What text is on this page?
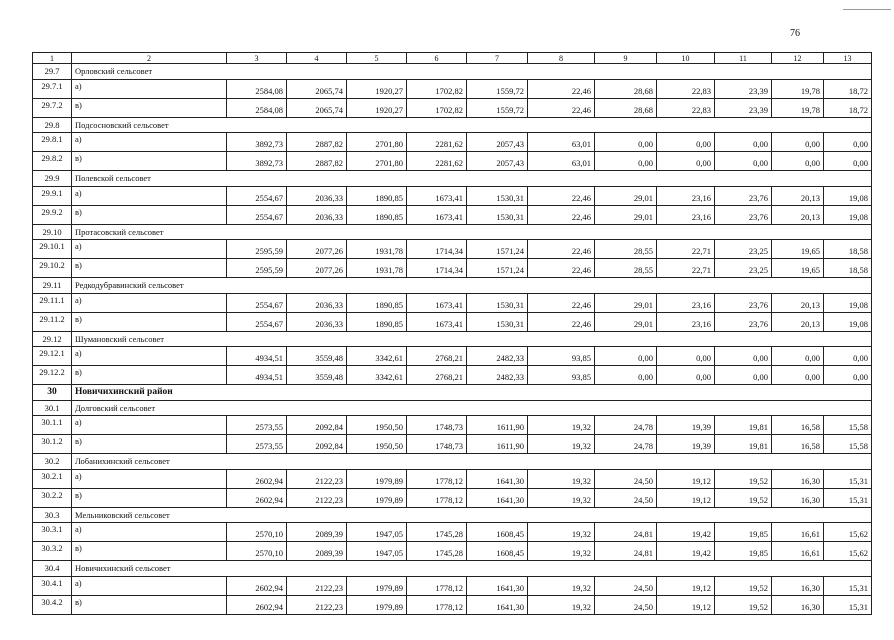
76
1	2	3	4	5	6	7	8	9	10	11	12	13
29.7	Орловский сельсовет											
29.7.1	а)	2584,08	2065,74	1920,27	1702,82	1559,72	22,46	28,68	22,83	23,39	19,78	18,72
29.7.2	в)	2584,08	2065,74	1920,27	1702,82	1559,72	22,46	28,68	22,83	23,39	19,78	18,72
29.8	Подсосновский сельсовет											
29.8.1	а)	3892,73	2887,82	2701,80	2281,62	2057,43	63,01	0,00	0,00	0,00	0,00	0,00
29.8.2	в)	3892,73	2887,82	2701,80	2281,62	2057,43	63,01	0,00	0,00	0,00	0,00	0,00
29.9	Полевской сельсовет											
29.9.1	а)	2554,67	2036,33	1890,85	1673,41	1530,31	22,46	29,01	23,16	23,76	20,13	19,08
29.9.2	в)	2554,67	2036,33	1890,85	1673,41	1530,31	22,46	29,01	23,16	23,76	20,13	19,08
29.10	Протасовский сельсовет											
29.10.1	а)	2595,59	2077,26	1931,78	1714,34	1571,24	22,46	28,55	22,71	23,25	19,65	18,58
29.10.2	в)	2595,59	2077,26	1931,78	1714,34	1571,24	22,46	28,55	22,71	23,25	19,65	18,58
29.11	Редкодубравинский сельсовет											
29.11.1	а)	2554,67	2036,33	1890,85	1673,41	1530,31	22,46	29,01	23,16	23,76	20,13	19,08
29.11.2	в)	2554,67	2036,33	1890,85	1673,41	1530,31	22,46	29,01	23,16	23,76	20,13	19,08
29.12	Шумановский сельсовет											
29.12.1	а)	4934,51	3559,48	3342,61	2768,21	2482,33	93,85	0,00	0,00	0,00	0,00	0,00
29.12.2	в)	4934,51	3559,48	3342,61	2768,21	2482,33	93,85	0,00	0,00	0,00	0,00	0,00
30	Новичихинский район											
30.1	Долговский сельсовет											
30.1.1	а)	2573,55	2092,84	1950,50	1748,73	1611,90	19,32	24,78	19,39	19,81	16,58	15,58
30.1.2	в)	2573,55	2092,84	1950,50	1748,73	1611,90	19,32	24,78	19,39	19,81	16,58	15,58
30.2	Лобанихинский сельсовет											
30.2.1	а)	2602,94	2122,23	1979,89	1778,12	1641,30	19,32	24,50	19,12	19,52	16,30	15,31
30.2.2	в)	2602,94	2122,23	1979,89	1778,12	1641,30	19,32	24,50	19,12	19,52	16,30	15,31
30.3	Мельниковский сельсовет											
30.3.1	а)	2570,10	2089,39	1947,05	1745,28	1608,45	19,32	24,81	19,42	19,85	16,61	15,62
30.3.2	в)	2570,10	2089,39	1947,05	1745,28	1608,45	19,32	24,81	19,42	19,85	16,61	15,62
30.4	Новичихинский сельсовет											
30.4.1	а)	2602,94	2122,23	1979,89	1778,12	1641,30	19,32	24,50	19,12	19,52	16,30	15,31
30.4.2	в)	2602,94	2122,23	1979,89	1778,12	1641,30	19,32	24,50	19,12	19,52	16,30	15,31
